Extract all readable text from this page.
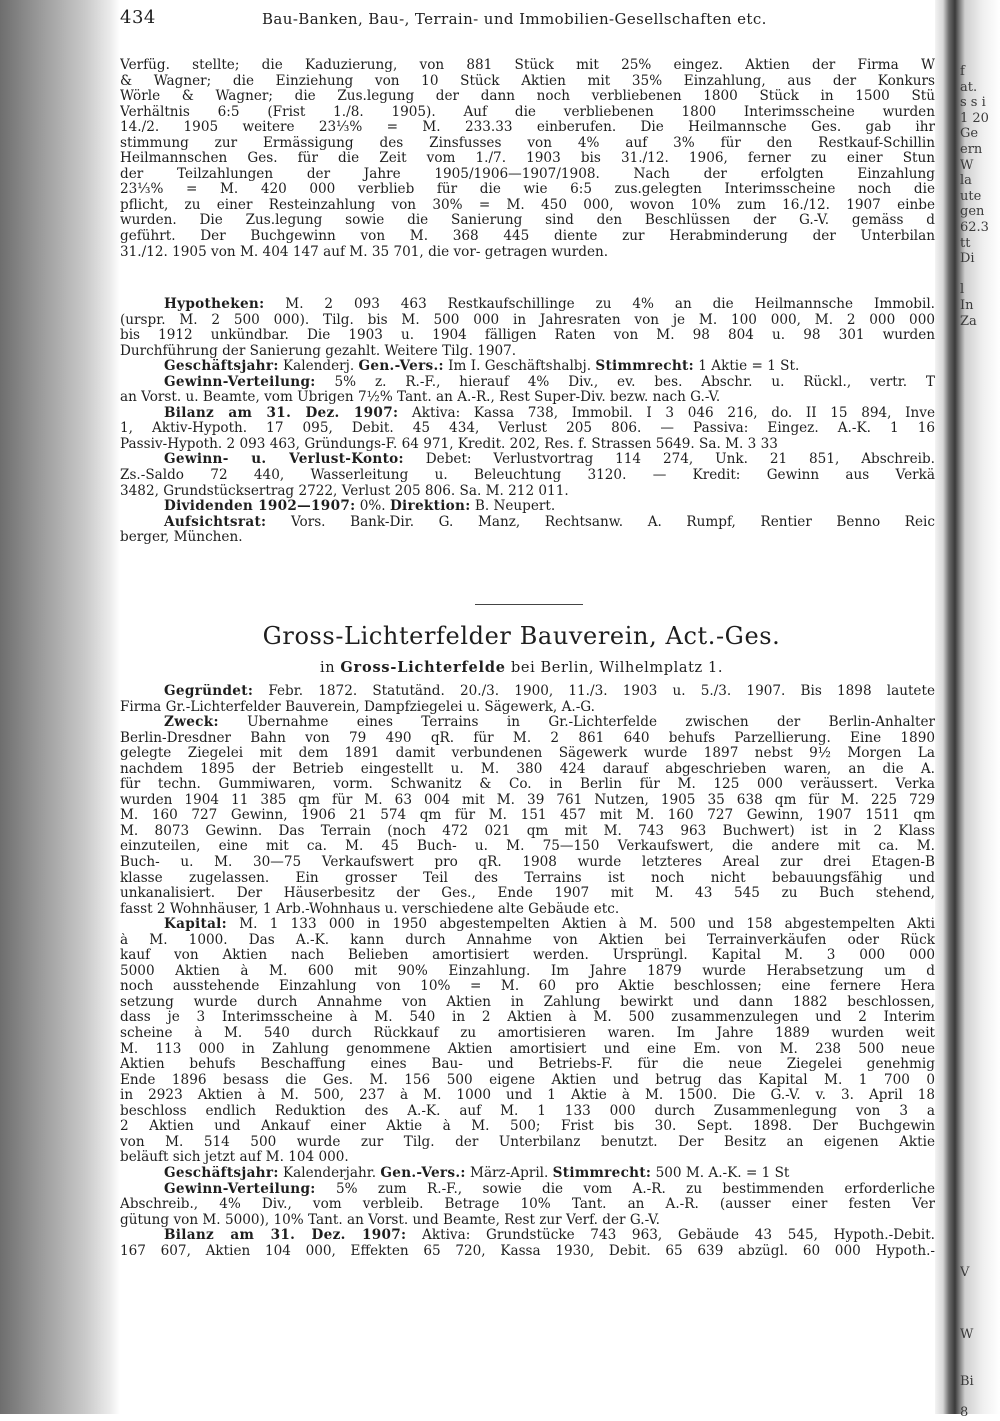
434	Bau-Banken, Bau-, Terrain- und Immobilien-Gesellschaften etc.

Verfüg. stellte; die Kaduzierung, von 881 Stück mit 25% eingez. Aktien der Firma W

& Wagner; die Einziehung von 10 Stück Aktien mit 35% Einzahlung, aus der Konkurs

Wörle & Wagner; die Zus.legung der dann noch verbliebenen 1800 Stück in 1500 Stü

Verhältnis 6:5 (Frist 1./8. 1905). Auf die verbliebenen 1800 Interimsscheine wurden

14./2. 1905 weitere 23⅓% = M. 233.33 einberufen. Die Heilmannsche Ges. gab ihr

stimmung zur Ermässigung des Zinsfusses von 4% auf 3% für den Restkauf-Schillin

Heilmannschen Ges. für die Zeit vom 1./7. 1903 bis 31./12. 1906, ferner zu einer Stun

der Teilzahlungen der Jahre 1905/1906—1907/1908. Nach der erfolgten Einzahlung

23⅓% = M. 420 000 verblieb für die wie 6:5 zus.gelegten Interimsscheine noch die

pflicht, zu einer Resteinzahlung von 30% = M. 450 000, wovon 10% zum 16./12. 1907 einbe

wurden. Die Zus.legung sowie die Sanierung sind den Beschlüssen der G.-V. gemäss d

geführt. Der Buchgewinn von M. 368 445 diente zur Herabminderung der Unterbilan

31./12. 1905 von M. 404 147 auf M. 35 701, die vor- getragen wurden.

Hypotheken: M. 2 093 463 Restkaufschillinge zu 4% an die Heilmannsche Immobil.

(urspr. M. 2 500 000). Tilg. bis M. 500 000 in Jahresraten von je M. 100 000, M. 2 000 000

bis 1912 unkündbar. Die 1903 u. 1904 fälligen Raten von M. 98 804 u. 98 301 wurden

Durchführung der Sanierung gezahlt. Weitere Tilg. 1907.

Geschäftsjahr: Kalenderj. Gen.-Vers.: Im I. Geschäftshalbj. Stimmrecht: 1 Aktie = 1 St.

Gewinn-Verteilung: 5% z. R.-F., hierauf 4% Div., ev. bes. Abschr. u. Rückl., vertr. T

an Vorst. u. Beamte, vom Übrigen 7½% Tant. an A.-R., Rest Super-Div. bezw. nach G.-V.

Bilanz am 31. Dez. 1907: Aktiva: Kassa 738, Immobil. I 3 046 216, do. II 15 894, Inve

1, Aktiv-Hypoth. 17 095, Debit. 45 434, Verlust 205 806. — Passiva: Eingez. A.-K. 1 16

Passiv-Hypoth. 2 093 463, Gründungs-F. 64 971, Kredit. 202, Res. f. Strassen 5649. Sa. M. 3 33

Gewinn- u. Verlust-Konto: Debet: Verlustvortrag 114 274, Unk. 21 851, Abschreib.

Zs.-Saldo 72 440, Wasserleitung u. Beleuchtung 3120. — Kredit: Gewinn aus Verkä

3482, Grundstücksertrag 2722, Verlust 205 806. Sa. M. 212 011.

Dividenden 1902—1907: 0%. Direktion: B. Neupert.

Aufsichtsrat: Vors. Bank-Dir. G. Manz, Rechtsanw. A. Rumpf, Rentier Benno Reic

berger, München.

Gross-Lichterfelder Bauverein, Act.-Ges.
in Gross-Lichterfelde bei Berlin, Wilhelmplatz 1.

Gegründet: Febr. 1872. Statutänd. 20./3. 1900, 11./3. 1903 u. 5./3. 1907. Bis 1898 lautete

Firma Gr.-Lichterfelder Bauverein, Dampfziegelei u. Sägewerk, A.-G.

Zweck: Übernahme eines Terrains in Gr.-Lichterfelde zwischen der Berlin-Anhalter

Berlin-Dresdner Bahn von 79 490 qR. für M. 2 861 640 behufs Parzellierung. Eine 1890

gelegte Ziegelei mit dem 1891 damit verbundenen Sägewerk wurde 1897 nebst 9½ Morgen La

nachdem 1895 der Betrieb eingestellt u. M. 380 424 darauf abgeschrieben waren, an die A.

für techn. Gummiwaren, vorm. Schwanitz & Co. in Berlin für M. 125 000 veräussert. Verka

wurden 1904 11 385 qm für M. 63 004 mit M. 39 761 Nutzen, 1905 35 638 qm für M. 225 729

M. 160 727 Gewinn, 1906 21 574 qm für M. 151 457 mit M. 160 727 Gewinn, 1907 1511 qm

M. 8073 Gewinn. Das Terrain (noch 472 021 qm mit M. 743 963 Buchwert) ist in 2 Klass

einzuteilen, eine mit ca. M. 45 Buch- u. M. 75—150 Verkaufswert, die andere mit ca. M.

Buch- u. M. 30—75 Verkaufswert pro qR. 1908 wurde letzteres Areal zur drei Etagen-B

klasse zugelassen. Ein grosser Teil des Terrains ist noch nicht bebauungsfähig und

unkanalisiert. Der Häuserbesitz der Ges., Ende 1907 mit M. 43 545 zu Buch stehend,

fasst 2 Wohnhäuser, 1 Arb.-Wohnhaus u. verschiedene alte Gebäude etc.

Kapital: M. 1 133 000 in 1950 abgestempelten Aktien à M. 500 und 158 abgestempelten Akti

à M. 1000. Das A.-K. kann durch Annahme von Aktien bei Terrainverkäufen oder Rück

kauf von Aktien nach Belieben amortisiert werden. Ursprüngl. Kapital M. 3 000 000

5000 Aktien à M. 600 mit 90% Einzahlung. Im Jahre 1879 wurde Herabsetzung um d

noch ausstehende Einzahlung von 10% = M. 60 pro Aktie beschlossen; eine fernere Hera

setzung wurde durch Annahme von Aktien in Zahlung bewirkt und dann 1882 beschlossen,

dass je 3 Interimsscheine à M. 540 in 2 Aktien à M. 500 zusammenzulegen und 2 Interim

scheine à M. 540 durch Rückkauf zu amortisieren waren. Im Jahre 1889 wurden weit

M. 113 000 in Zahlung genommene Aktien amortisiert und eine Em. von M. 238 500 neue

Aktien behufs Beschaffung eines Bau- und Betriebs-F. für die neue Ziegelei genehmig

Ende 1896 besass die Ges. M. 156 500 eigene Aktien und betrug das Kapital M. 1 700 0

in 2923 Aktien à M. 500, 237 à M. 1000 und 1 Aktie à M. 1500. Die G.-V. v. 3. April 18

beschloss endlich Reduktion des A.-K. auf M. 1 133 000 durch Zusammenlegung von 3 a

2 Aktien und Ankauf einer Aktie à M. 500; Frist bis 30. Sept. 1898. Der Buchgewin

von M. 514 500 wurde zur Tilg. der Unterbilanz benutzt. Der Besitz an eigenen Aktie

beläuft sich jetzt auf M. 104 000.

Geschäftsjahr: Kalenderjahr. Gen.-Vers.: März-April. Stimmrecht: 500 M. A.-K. = 1 St

Gewinn-Verteilung: 5% zum R.-F., sowie die vom A.-R. zu bestimmenden erforderliche

Abschreib., 4% Div., vom verbleib. Betrage 10% Tant. an A.-R. (ausser einer festen Ver

gütung von M. 5000), 10% Tant. an Vorst. und Beamte, Rest zur Verf. der G.-V.

Bilanz am 31. Dez. 1907: Aktiva: Grundstücke 743 963, Gebäude 43 545, Hypoth.-Debit.

167 607, Aktien 104 000, Effekten 65 720, Kassa 1930, Debit. 65 639 abzügl. 60 000 Hypoth.-

f
at.
s s i
1 20
Ge
ern
W
la
ute
gen
62.3
tt
Di
l
In
Za
V
W
Bi
8
